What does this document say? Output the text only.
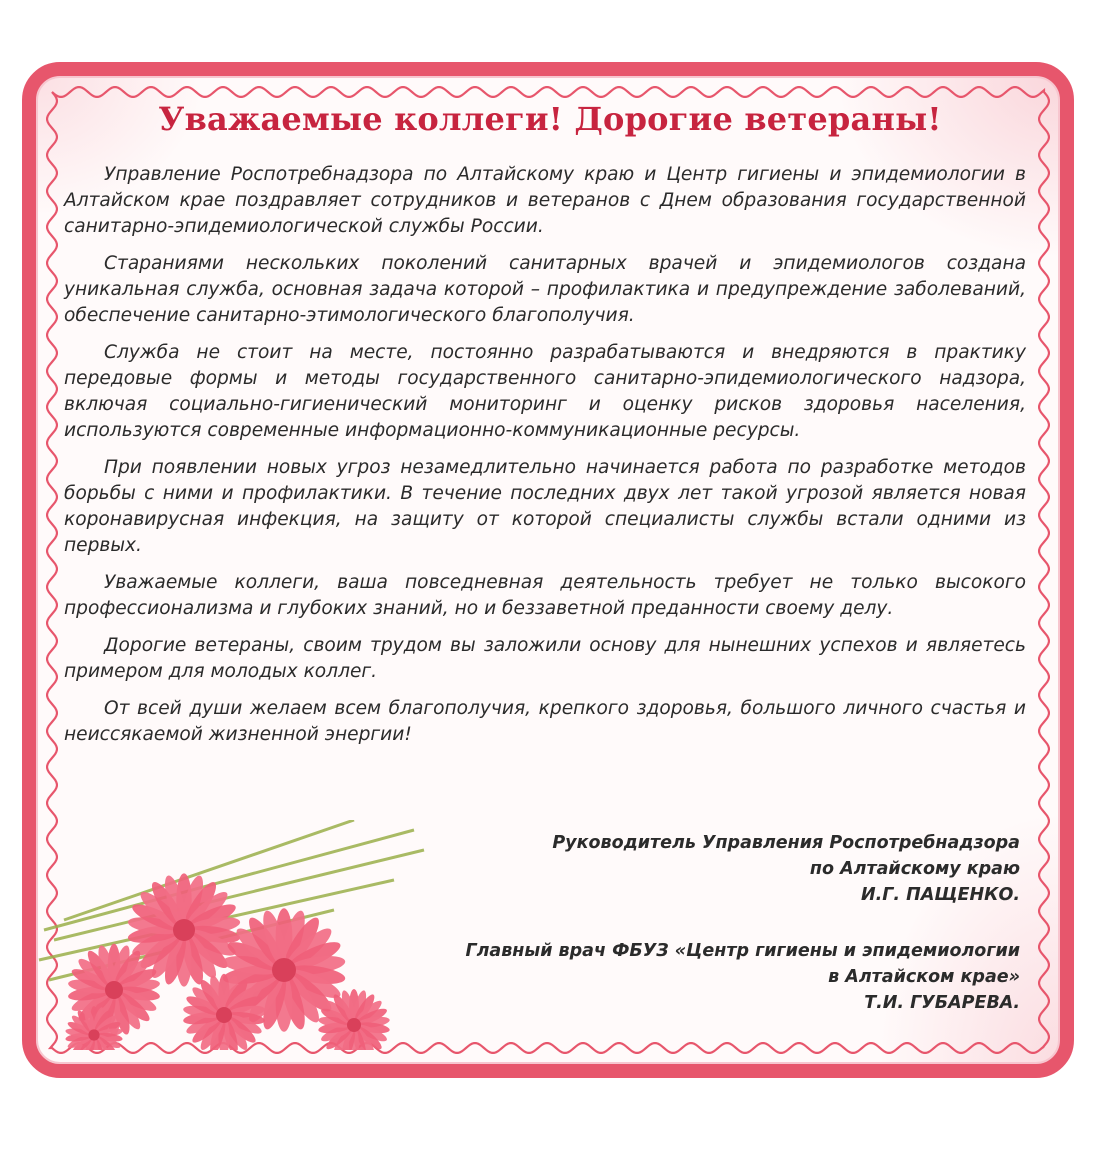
Уважаемые коллеги! Дорогие ветераны!

Управление Роспотребнадзора по Алтайскому краю и Центр гигиены и эпидемиологии в Алтайском крае поздравляет сотрудников и ветеранов с Днем образования государственной санитарно-эпидемиологической службы России.

Стараниями нескольких поколений санитарных врачей и эпидемиологов создана уникальная служба, основная задача которой – профилактика и предупреждение заболеваний, обеспечение санитарно-этимологического благополучия.

Служба не стоит на месте, постоянно разрабатываются и внедряются в практику передовые формы и методы государственного санитарно-эпидемиологического надзора, включая социально-гигиенический мониторинг и оценку рисков здоровья населения, используются современные информационно-коммуникационные ресурсы.

При появлении новых угроз незамедлительно начинается работа по разработке методов борьбы с ними и профилактики. В течение последних двух лет такой угрозой является новая коронавирусная инфекция, на защиту от которой специалисты службы встали одними из первых.

Уважаемые коллеги, ваша повседневная деятельность требует не только высокого профессионализма и глубоких знаний, но и беззаветной преданности своему делу.

Дорогие ветераны, своим трудом вы заложили основу для нынешних успехов и являетесь примером для молодых коллег.

От всей души желаем всем благополучия, крепкого здоровья, большого личного счастья и неиссякаемой жизненной энергии!

Руководитель Управления Роспотребнадзора
по Алтайскому краю
И.Г. ПАЩЕНКО.
Главный врач ФБУЗ «Центр гигиены и эпидемиологии
в Алтайском крае»
Т.И. ГУБАРЕВА.
